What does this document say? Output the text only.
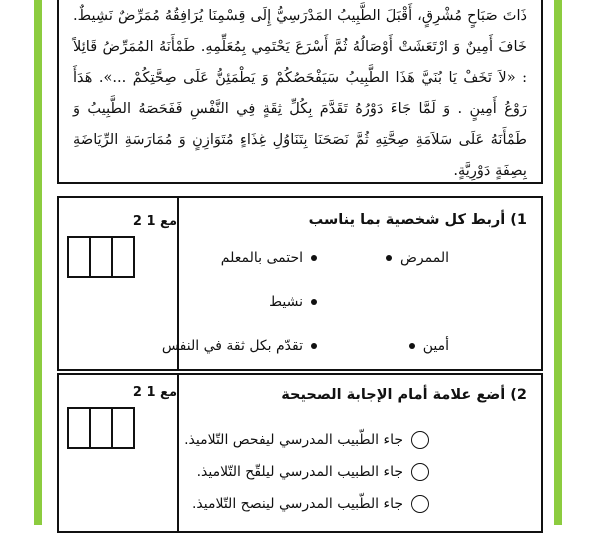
ذَاتَ صَبَاحٍ مُشْرِقٍ، أَقْبَلَ الطَّبِيبُ المَدْرَسِيُّ إِلَى قِسْمِنَا يُرَافِقُهُ مُمَرِّضٌ نَشِيطٌ. خَافَ أَمِينٌ وَ ارْتَعَشَتْ أَوْصَالُهُ ثُمَّ أَسْرَعَ يَحْتَمِي بِمُعَلِّمِهِ. طَمْأَنَهُ المُمَرِّضُ قَائِلاً : «لاَ تَخَفْ يَا بُنَيَّ هَذَا الطَّبِيبُ سَيَفْحَصُكُمْ وَ يَطْمَئِنُّ عَلَى صِحَّتِكُمْ ...». هَدَأَ رَوْعُ أَمِينٍ . وَ لَمَّا جَاءَ دَوْرُهُ تَقَدَّمَ بِكُلِّ ثِقَةٍ فِي النَّفْسِ فَفَحَصَهُ الطَّبِيبُ وَ طَمْأَنَهُ عَلَى سَلاَمَةِ صِحَّتِهِ ثُمَّ نَصَحَنَا بِتَنَاوُلِ غِذَاءٍ مُتَوَازِنٍ وَ مُمَارَسَةِ الرِّيَاضَةِ بِصِفَةٍ دَوْرِيَّةٍ.
مع 1 2	1) أربط كل شخصية بما يناسب
الممرض
أمين
احتمى بالمعلم
نشيط
تقدّم بكل ثقة في النفس
مع 1 2	2) أضع علامة أمام الإجابة الصحيحة
جاء الطّبيب المدرسي ليفحص التّلاميذ.
جاء الطبيب المدرسي ليلقّح التّلاميذ.
جاء الطّبيب المدرسي لينصح التّلاميذ.
